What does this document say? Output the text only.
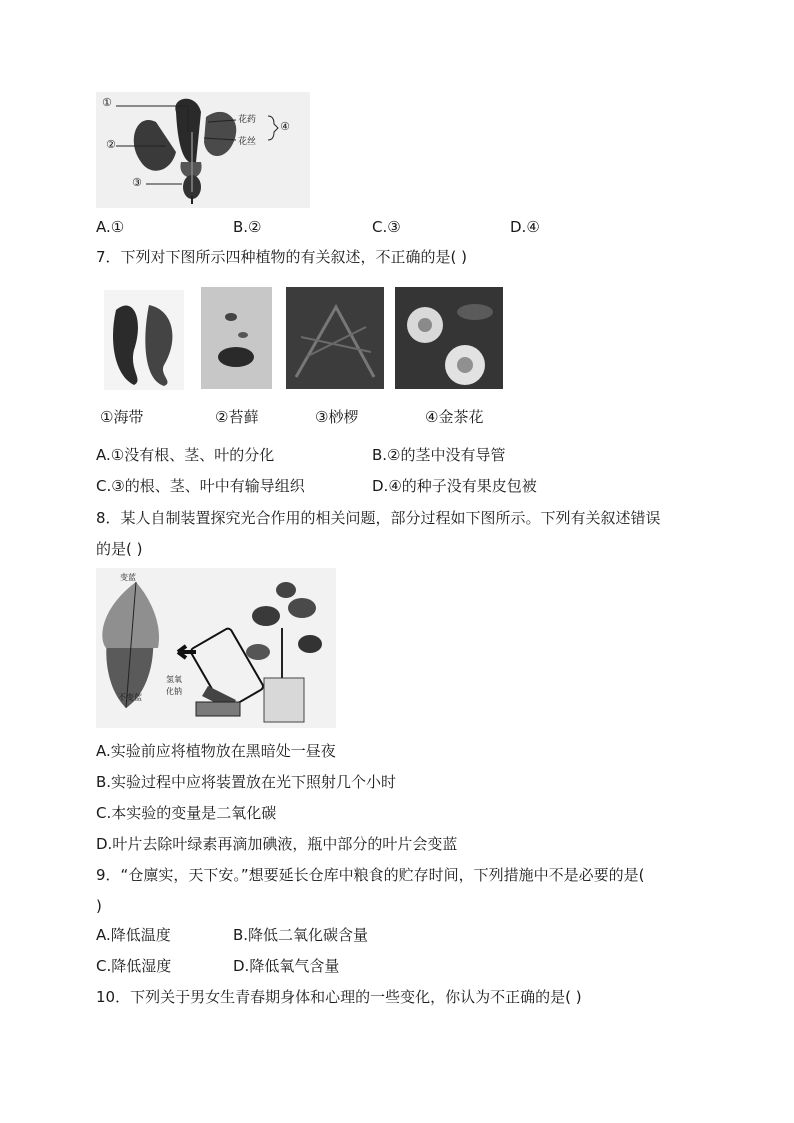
①
②
③
花药
花丝
④
A.①	B.②	C.③	D.④
7．下列对下图所示四种植物的有关叙述，不正确的是( )
①海带	②苔藓	③桫椤	④金茶花
A.①没有根、茎、叶的分化	B.②的茎中没有导管
C.③的根、茎、叶中有输导组织	D.④的种子没有果皮包被
8．某人自制装置探究光合作用的相关问题，部分过程如下图所示。下列有关叙述错误
的是( )
变蓝
不变蓝
氢氧
化钠
A.实验前应将植物放在黑暗处一昼夜
B.实验过程中应将装置放在光下照射几个小时
C.本实验的变量是二氧化碳
D.叶片去除叶绿素再滴加碘液，瓶中部分的叶片会变蓝
9．“仓廪实，天下安。”想要延长仓库中粮食的贮存时间，下列措施中不是必要的是(
)
A.降低温度	B.降低二氧化碳含量
C.降低湿度	D.降低氧气含量
10．下列关于男女生青春期身体和心理的一些变化，你认为不正确的是( )
